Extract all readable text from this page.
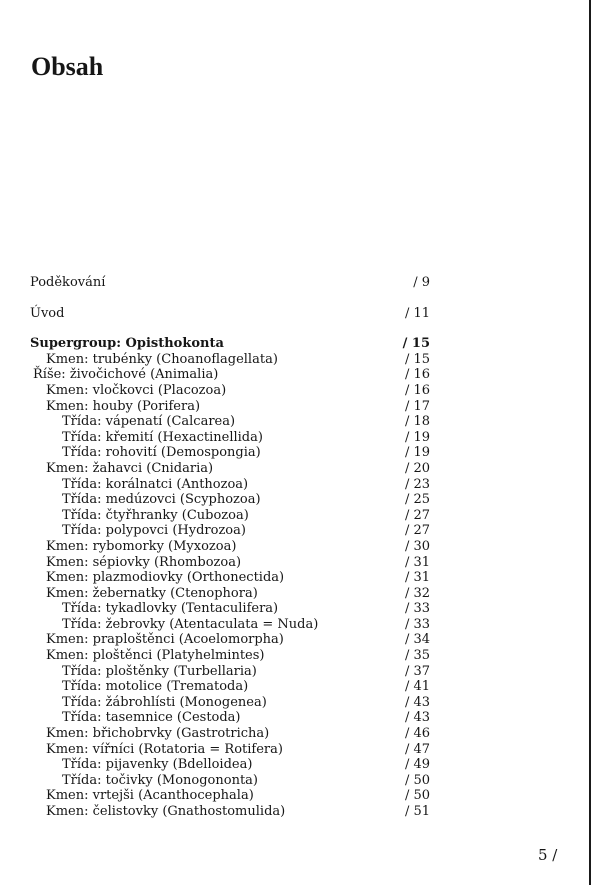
Obsah
Poděkování	/ 9
Úvod	/ 11
Supergroup: Opisthokonta	/ 15
Kmen: trubénky (Choanoflagellata)	/ 15
Říše: živočichové (Animalia)	/ 16
Kmen: vločkovci (Placozoa)	/ 16
Kmen: houby (Porifera)	/ 17
Třída: vápenatí (Calcarea)	/ 18
Třída: křemití (Hexactinellida)	/ 19
Třída: rohovití (Demospongia)	/ 19
Kmen: žahavci (Cnidaria)	/ 20
Třída: korálnatci (Anthozoa)	/ 23
Třída: medúzovci (Scyphozoa)	/ 25
Třída: čtyřhranky (Cubozoa)	/ 27
Třída: polypovci (Hydrozoa)	/ 27
Kmen: rybomorky (Myxozoa)	/ 30
Kmen: sépiovky (Rhombozoa)	/ 31
Kmen: plazmodiovky (Orthonectida)	/ 31
Kmen: žebernatky (Ctenophora)	/ 32
Třída: tykadlovky (Tentaculifera)	/ 33
Třída: žebrovky (Atentaculata = Nuda)	/ 33
Kmen: praploštěnci (Acoelomorpha)	/ 34
Kmen: ploštěnci (Platyhelmintes)	/ 35
Třída: ploštěnky (Turbellaria)	/ 37
Třída: motolice (Trematoda)	/ 41
Třída: žábrohlísti (Monogenea)	/ 43
Třída: tasemnice (Cestoda)	/ 43
Kmen: břichobrvky (Gastrotricha)	/ 46
Kmen: vířníci (Rotatoria = Rotifera)	/ 47
Třída: pijavenky (Bdelloidea)	/ 49
Třída: točivky (Monogononta)	/ 50
Kmen: vrtejši (Acanthocephala)	/ 50
Kmen: čelistovky (Gnathostomulida)	/ 51
5 /
